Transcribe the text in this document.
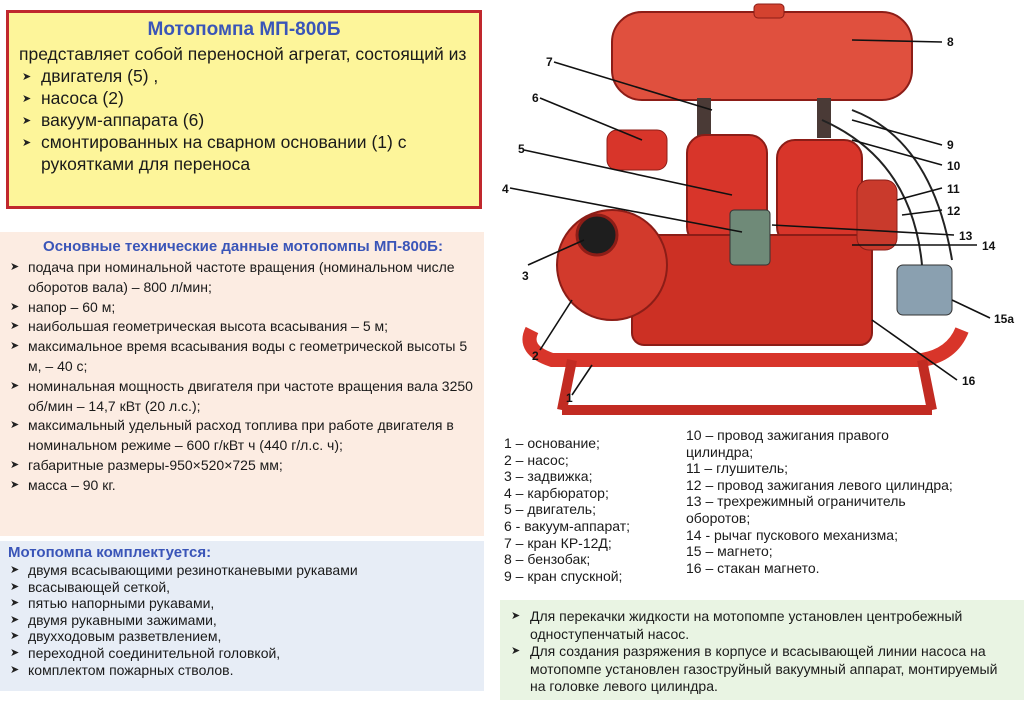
Мотопомпа МП-800Б
представляет собой переносной агрегат, состоящий из
➤ двигателя (5) ,
➤ насоса (2)
➤ вакуум-аппарата (6)
➤ смонтированных на сварном основании (1) с рукоятками для переноса
Основные технические данные мотопомпы МП-800Б:
➤ подача при номинальной частоте вращения (номинальном числе оборотов вала) – 800 л/мин;
➤ напор – 60 м;
➤ наибольшая геометрическая высота всасывания – 5 м;
➤ максимальное время всасывания воды с геометрической высоты 5 м, – 40 с;
➤ номинальная мощность двигателя при частоте вращения вала 3250 об/мин – 14,7 кВт (20 л.с.);
➤ максимальный удельный расход топлива при работе двигателя в номинальном режиме – 600 г/кВт ч (440 г/л.с. ч);
➤ габаритные размеры-950×520×725 мм;
➤ масса – 90 кг.
Мотопомпа комплектуется:
➤ двумя всасывающими резинотканевыми рукавами
➤ всасывающей сеткой,
➤ пятью напорными рукавами,
➤ двумя рукавными зажимами,
➤ двухходовым разветвлением,
➤ переходной соединительной головкой,
➤ комплектом пожарных стволов.
1
2
3
4
5
6
7
8
9
10
11
12
13
14
15а
16
1 – основание;
2 – насос;
3 – задвижка;
4 – карбюратор;
5 – двигатель;
6 - вакуум-аппарат;
7 – кран КР-12Д;
8 – бензобак;
9 – кран спускной;
10 – провод зажигания правого
цилиндра;
11 – глушитель;
12 – провод зажигания левого цилиндра;
13 – трехрежимный ограничитель
оборотов;
14 - рычаг пускового механизма;
15 – магнето;
16 – стакан магнето.
➤ Для перекачки жидкости на мотопомпе установлен центробежный одноступенчатый насос.
➤ Для создания разряжения в корпусе и всасывающей линии насоса на мотопомпе установлен газоструйный вакуумный аппарат, монтируемый на головке левого цилиндра.
